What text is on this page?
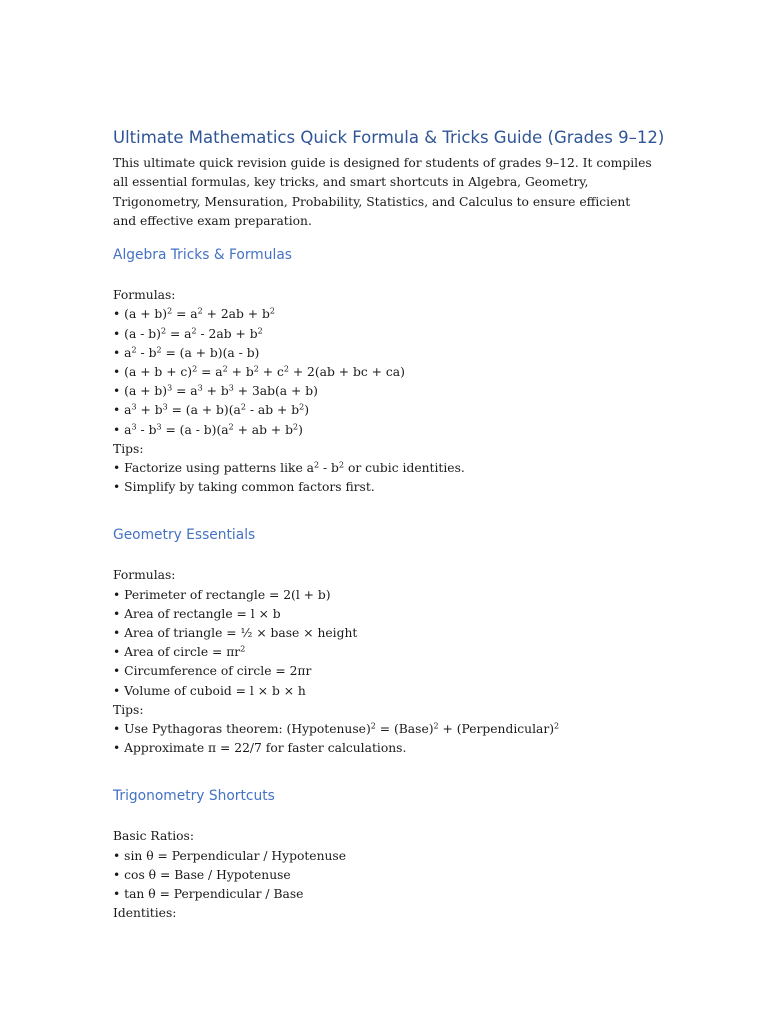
Ultimate Mathematics Quick Formula & Tricks Guide (Grades 9–12)

This ultimate quick revision guide is designed for students of grades 9–12. It compiles all essential formulas, key tricks, and smart shortcuts in Algebra, Geometry, Trigonometry, Mensuration, Probability, Statistics, and Calculus to ensure efficient and effective exam preparation.

Algebra Tricks & Formulas

Formulas:

• $(a + b)^2 = a^2 + 2ab + b^2$

• $(a - b)^2 = a^2 - 2ab + b^2$

• $a^2 - b^2 = (a + b)(a - b)$

• $(a + b + c)^2 = a^2 + b^2 + c^2 + 2(ab$ + bc + ca)

• $(a + b)^3 = a^3 + b^3 + 3ab(a + b)$

• $a^3 + b^3 = (a + b)(a^2$ - ab + $b^2$)

• $a^3 - b^3 = (a - b)(a^2$ + ab + $b^2$)

Tips:

• Factorize using patterns like $a^2 - b^2$ or cubic identities.

• Simplify by taking common factors first.

Geometry Essentials

Formulas:

• Perimeter of rectangle = 2(l + b)

• Area of rectangle = l × b

• Area of triangle = ½ × base × height

• Area of circle = $\pi r^2$

• Circumference of circle = 2πr

• Volume of cuboid = l × b × h

Tips:

• Use Pythagoras theorem: (Hypotenuse)$^2$ = (Base)$^2$ + (Perpendicular)$^2$

• Approximate π = 22/7 for faster calculations.

Trigonometry Shortcuts

Basic Ratios:

• sin θ = Perpendicular / Hypotenuse

• cos θ = Base / Hypotenuse

• tan θ = Perpendicular / Base

Identities:
